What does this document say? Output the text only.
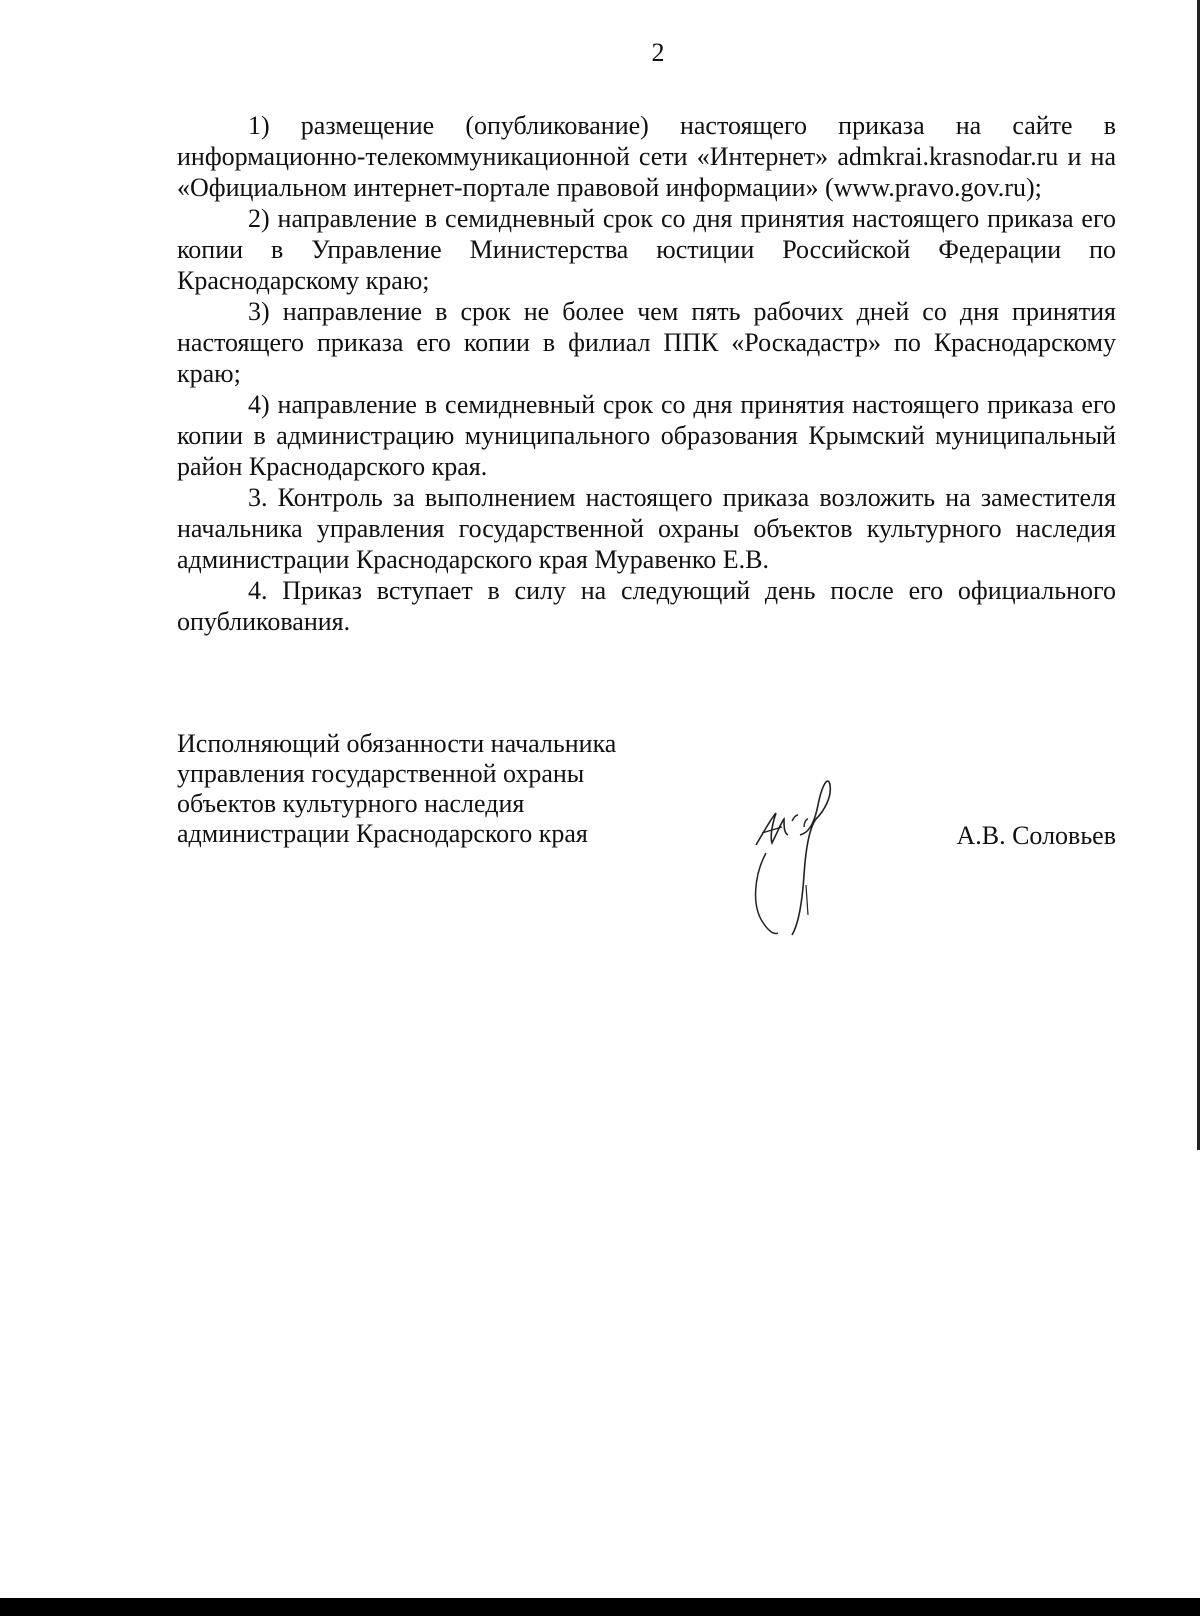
2

1) размещение (опубликование) настоящего приказа на сайте в информационно-телекоммуникационной сети «Интернет» admkrai.krasnodar.ru и на «Официальном интернет-портале правовой информации» (www.pravo.gov.ru);

2) направление в семидневный срок со дня принятия настоящего приказа его копии в Управление Министерства юстиции Российской Федерации по Краснодарскому краю;

3) направление в срок не более чем пять рабочих дней со дня принятия настоящего приказа его копии в филиал ППК «Роскадастр» по Краснодарскому краю;

4) направление в семидневный срок со дня принятия настоящего приказа его копии в администрацию муниципального образования Крымский муниципальный район Краснодарского края.

3. Контроль за выполнением настоящего приказа возложить на заместителя начальника управления государственной охраны объектов культурного наследия администрации Краснодарского края Муравенко Е.В.

4. Приказ вступает в силу на следующий день после его официального опубликования.

Исполняющий обязанности начальника
управления государственной охраны
объектов культурного наследия
администрации Краснодарского края	А.В. Соловьев
